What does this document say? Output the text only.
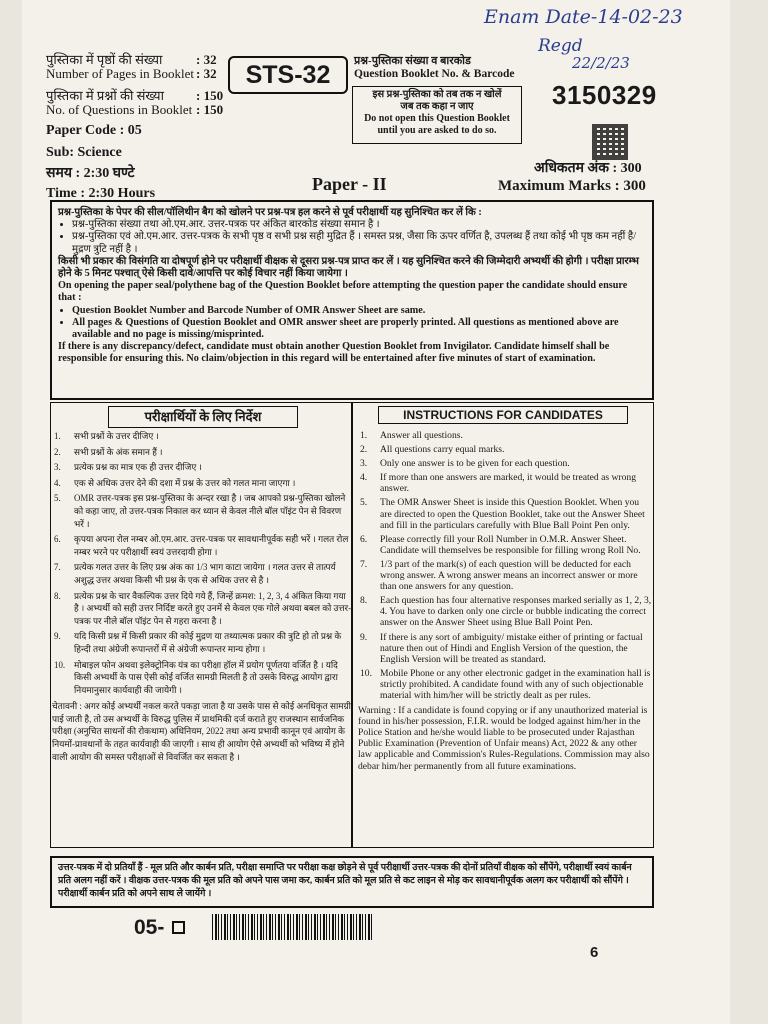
Enam Date-14-02-23
Regd
22/2/23
पुस्तिका में पृष्ठों की संख्या	: 32
Number of Pages in Booklet : 32
पुस्तिका में प्रश्नों की संख्या : 150
No. of Questions in Booklet : 150
Paper Code : 05
Sub: Science
समय : 2:30 घण्टे
Time : 2:30 Hours
STS-32	प्रश्न-पुस्तिका संख्या व बारकोड
Question Booklet No. & Barcode
इस प्रश्न-पुस्तिका को तब तक न खोलें
जब तक कहा न जाए
Do not open this Question Booklet
until you are asked to do so.
3150329
Paper - II
अधिकतम अंक : 300
Maximum Marks : 300

प्रश्न-पुस्तिका के पेपर की सील/पॉलिथीन बैग को खोलने पर प्रश्न-पत्र हल करने से पूर्व परीक्षार्थी यह सुनिश्चित कर लें कि :

• प्रश्न-पुस्तिका संख्या तथा ओ.एम.आर. उत्तर-पत्रक पर अंकित बारकोड संख्या समान है ।
• प्रश्न-पुस्तिका एवं ओ.एम.आर. उत्तर-पत्रक के सभी पृष्ठ व सभी प्रश्न सही मुद्रित हैं । समस्त प्रश्न, जैसा कि ऊपर वर्णित है, उपलब्ध हैं तथा कोई भी पृष्ठ कम नहीं है/ मुद्रण त्रुटि नहीं है ।

किसी भी प्रकार की विसंगति या दोषपूर्ण होने पर परीक्षार्थी वीक्षक से दूसरा प्रश्न-पत्र प्राप्त कर लें । यह सुनिश्चित करने की जिम्मेदारी अभ्यर्थी की होगी । परीक्षा प्रारम्भ होने के 5 मिनट पश्चात् ऐसे किसी दावे/आपत्ति पर कोई विचार नहीं किया जायेगा ।

On opening the paper seal/polythene bag of the Question Booklet before attempting the question paper the candidate should ensure that :

• Question Booklet Number and Barcode Number of OMR Answer Sheet are same.
• All pages & Questions of Question Booklet and OMR answer sheet are properly printed. All questions as mentioned above are available and no page is missing/misprinted.

If there is any discrepancy/defect, candidate must obtain another Question Booklet from Invigilator. Candidate himself shall be responsible for ensuring this. No claim/objection in this regard will be entertained after five minutes of start of examination.

परीक्षार्थियों के लिए निर्देश	INSTRUCTIONS FOR CANDIDATES
1. सभी प्रश्नों के उत्तर दीजिए ।
2. सभी प्रश्नों के अंक समान हैं ।
3. प्रत्येक प्रश्न का मात्र एक ही उत्तर दीजिए ।
4. एक से अधिक उत्तर देने की दशा में प्रश्न के उत्तर को गलत माना जाएगा ।
5. OMR उत्तर-पत्रक इस प्रश्न-पुस्तिका के अन्दर रखा है । जब आपको प्रश्न-पुस्तिका खोलने को कहा जाए, तो उत्तर-पत्रक निकाल कर ध्यान से केवल नीले बॉल पॉइंट पेन से विवरण भरें ।
6. कृपया अपना रोल नम्बर ओ.एम.आर. उत्तर-पत्रक पर सावधानीपूर्वक सही भरें । गलत रोल नम्बर भरने पर परीक्षार्थी स्वयं उत्तरदायी होगा ।
7. प्रत्येक गलत उत्तर के लिए प्रश्न अंक का 1/3 भाग काटा जायेगा । गलत उत्तर से तात्पर्य अशुद्ध उत्तर अथवा किसी भी प्रश्न के एक से अधिक उत्तर से है ।
8. प्रत्येक प्रश्न के चार वैकल्पिक उत्तर दिये गये हैं, जिन्हें क्रमश: 1, 2, 3, 4 अंकित किया गया है । अभ्यर्थी को सही उत्तर निर्दिष्ट करते हुए उनमें से केवल एक गोले अथवा बबल को उत्तर-पत्रक पर नीले बॉल पॉइंट पेन से गहरा करना है ।
9. यदि किसी प्रश्न में किसी प्रकार की कोई मुद्रण या तथ्यात्मक प्रकार की त्रुटि हो तो प्रश्न के हिन्दी तथा अंग्रेजी रूपान्तरों में से अंग्रेजी रूपान्तर मान्य होगा ।
10. मोबाइल फोन अथवा इलेक्ट्रोनिक यंत्र का परीक्षा हॉल में प्रयोग पूर्णतया वर्जित है । यदि किसी अभ्यर्थी के पास ऐसी कोई वर्जित सामग्री मिलती है तो उसके विरुद्ध आयोग द्वारा नियमानुसार कार्यवाही की जायेगी ।
चेतावनी : अगर कोई अभ्यर्थी नकल करते पकड़ा जाता है या उसके पास से कोई अनधिकृत सामग्री पाई जाती है, तो उस अभ्यर्थी के विरुद्ध पुलिस में प्राथमिकी दर्ज कराते हुए राजस्थान सार्वजनिक परीक्षा (अनुचित साधनों की रोकथाम) अधिनियम, 2022 तथा अन्य प्रभावी कानून एवं आयोग के नियमों-प्रावधानों के तहत कार्यवाही की जाएगी । साथ ही आयोग ऐसे अभ्यर्थी को भविष्य में होने वाली आयोग की समस्त परीक्षाओं से विवर्जित कर सकता है ।
1. Answer all questions.
2. All questions carry equal marks.
3. Only one answer is to be given for each question.
4. If more than one answers are marked, it would be treated as wrong answer.
5. The OMR Answer Sheet is inside this Question Booklet. When you are directed to open the Question Booklet, take out the Answer Sheet and fill in the particulars carefully with Blue Ball Point Pen only.
6. Please correctly fill your Roll Number in O.M.R. Answer Sheet. Candidate will themselves be responsible for filling wrong Roll No.
7. 1/3 part of the mark(s) of each question will be deducted for each wrong answer. A wrong answer means an incorrect answer or more than one answers for any question.
8. Each question has four alternative responses marked serially as 1, 2, 3, 4. You have to darken only one circle or bubble indicating the correct answer on the Answer Sheet using Blue Ball Point Pen.
9. If there is any sort of ambiguity/ mistake either of printing or factual nature then out of Hindi and English Version of the question, the English Version will be treated as standard.
10. Mobile Phone or any other electronic gadget in the examination hall is strictly prohibited. A candidate found with any of such objectionable material with him/her will be strictly dealt as per rules.
Warning : If a candidate is found copying or if any unauthorized material is found in his/her possession, F.I.R. would be lodged against him/her in the Police Station and he/she would liable to be prosecuted under Rajasthan Public Examination (Prevention of Unfair means) Act, 2022 & any other law applicable and Commission's Rules-Regulations. Commission may also debar him/her permanently from all future examinations.
उत्तर-पत्रक में दो प्रतियाँ हैं - मूल प्रति और कार्बन प्रति, परीक्षा समाप्ति पर परीक्षा कक्ष छोड़ने से पूर्व परीक्षार्थी उत्तर-पत्रक की दोनों प्रतियाँ वीक्षक को सौंपेंगे, परीक्षार्थी स्वयं कार्बन प्रति अलग नहीं करें । वीक्षक उत्तर-पत्रक की मूल प्रति को अपने पास जमा कर, कार्बन प्रति को मूल प्रति से कट लाइन से मोड़ कर सावधानीपूर्वक अलग कर परीक्षार्थी को सौंपेंगे । परीक्षार्थी कार्बन प्रति को अपने साथ ले जायेंगे ।
05-
6
